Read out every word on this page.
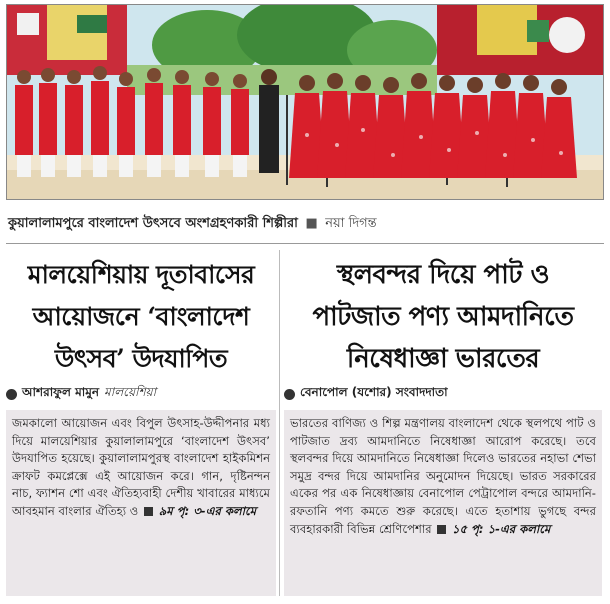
কুয়ালালামপুরে বাংলাদেশ উৎসবে অংশগ্রহণকারী শিল্পীরা ■ নয়া দিগন্ত
মালয়েশিয়ায় দূতাবাসের
আয়োজনে ‘বাংলাদেশ
উৎসব’ উদযাপিত
আশরাফুল মামুন মালয়েশিয়া
জমকালো আয়োজন এবং বিপুল উৎসাহ-উদ্দীপনার মধ্য দিয়ে মালয়েশিয়ার কুয়ালালামপুরে ‘বাংলাদেশ উৎসব’ উদযাপিত হয়েছে। কুয়ালালামপুরস্থ বাংলাদেশ হাইকমিশন ক্রাফট কমপ্লেক্সে এই আয়োজন করে। গান, দৃষ্টিনন্দন নাচ, ফ্যাশন শো এবং ঐতিহ্যবাহী দেশীয় খাবারের মাধ্যমে আবহমান বাংলার ঐতিহ্য ও ৯ম পৃ: ৩-এর কলামে
স্থলবন্দর দিয়ে পাট ও
পাটজাত পণ্য আমদানিতে
নিষেধাজ্ঞা ভারতের
বেনাপোল (যশোর) সংবাদদাতা
ভারতের বাণিজ্য ও শিল্প মন্ত্রণালয় বাংলাদেশ থেকে স্থলপথে পাট ও পাটজাত দ্রব্য আমদানিতে নিষেধাজ্ঞা আরোপ করেছে। তবে স্থলবন্দর দিয়ে আমদানিতে নিষেধাজ্ঞা দিলেও ভারতের নহাভা শেভা সমুদ্র বন্দর দিয়ে আমদানির অনুমোদন দিয়েছে। ভারত সরকারের একের পর এক নিষেধাজ্ঞায় বেনাপোল পেট্রাপোল বন্দরে আমদানি-রফতানি পণ্য কমতে শুরু করেছে। এতে হতাশায় ভুগছে বন্দর ব্যবহারকারী বিভিন্ন শ্রেণিপেশার ১৫ পৃ: ১-এর কলামে
